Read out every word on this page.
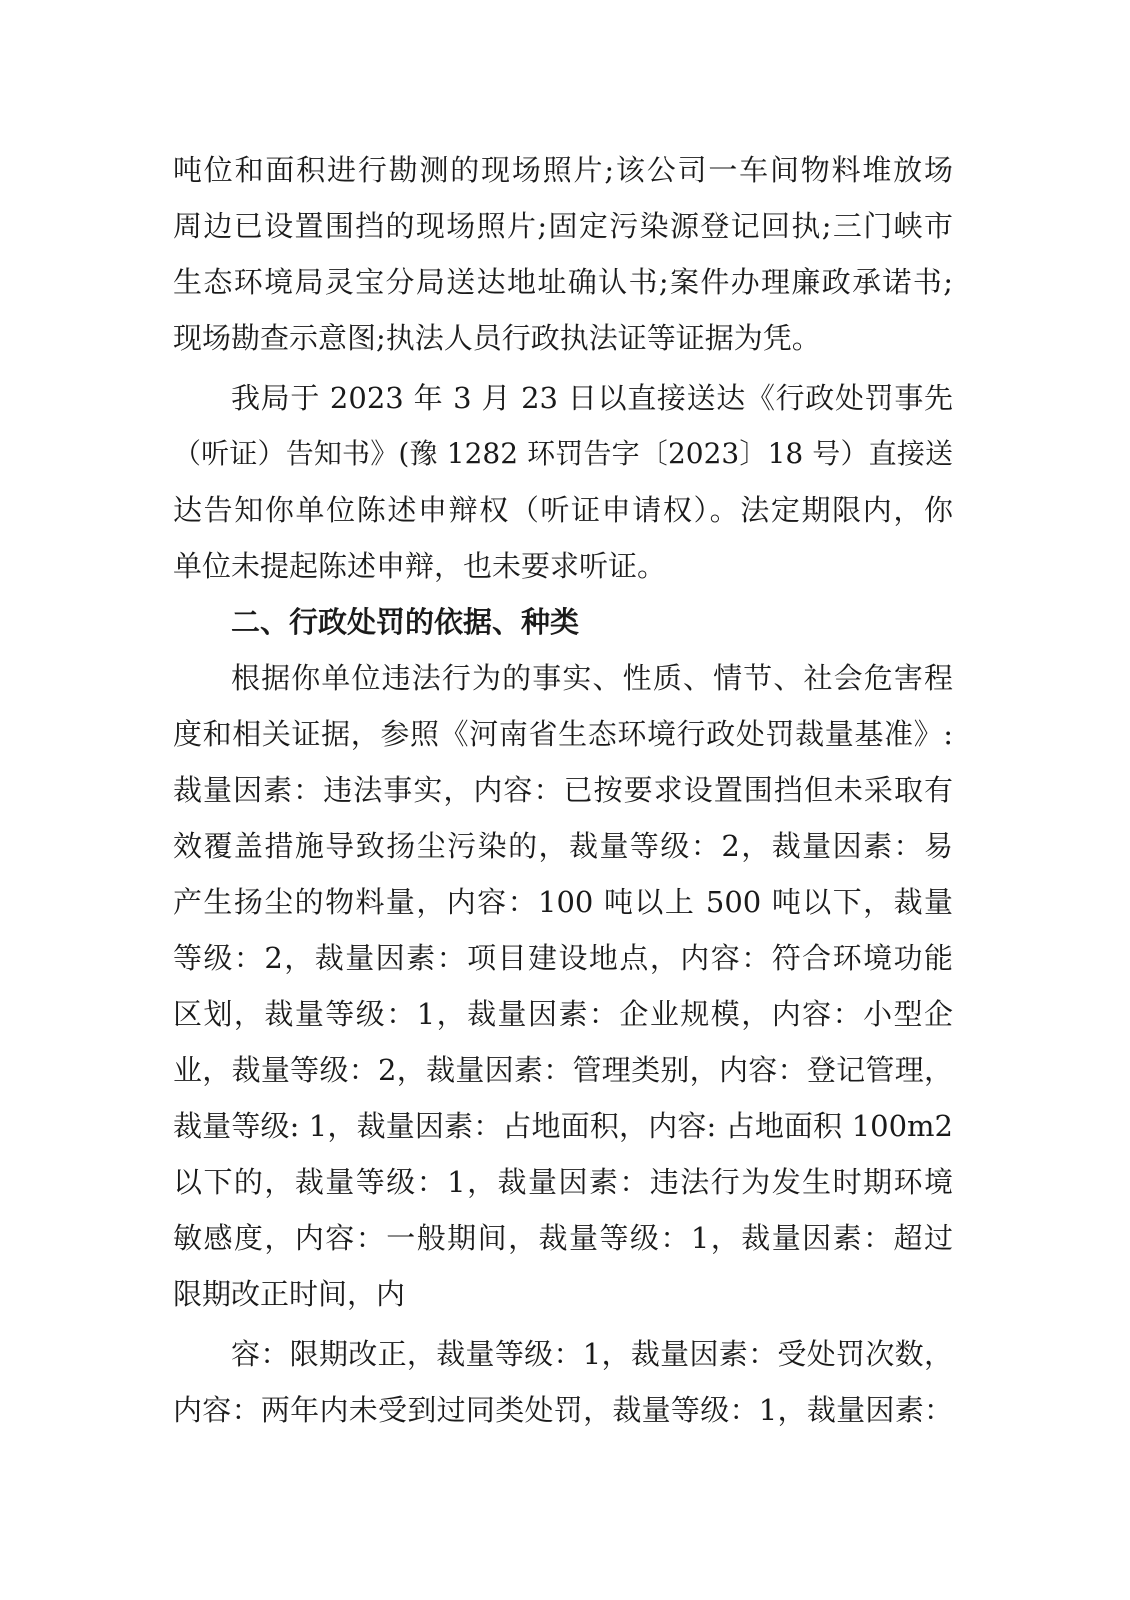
吨位和面积进行勘测的现场照片;该公司一车间物料堆放场
周边已设置围挡的现场照片;固定污染源登记回执;三门峡市
生态环境局灵宝分局送达地址确认书;案件办理廉政承诺书;
现场勘查示意图;执法人员行政执法证等证据为凭。
我局于 2023 年 3 月 23 日以直接送达《行政处罚事先
（听证）告知书》(豫 1282 环罚告字〔2023〕18 号）直接送
达告知你单位陈述申辩权（听证申请权）。法定期限内，你
单位未提起陈述申辩，也未要求听证。
二、行政处罚的依据、种类
根据你单位违法行为的事实、性质、情节、社会危害程
度和相关证据，参照《河南省生态环境行政处罚裁量基准》:
裁量因素：违法事实，内容：已按要求设置围挡但未采取有
效覆盖措施导致扬尘污染的，裁量等级：2，裁量因素：易
产生扬尘的物料量，内容：100 吨以上 500 吨以下，裁量
等级：2，裁量因素：项目建设地点，内容：符合环境功能
区划，裁量等级：1，裁量因素：企业规模，内容：小型企
业，裁量等级：2，裁量因素：管理类别，内容：登记管理，
裁量等级: 1，裁量因素：占地面积，内容: 占地面积 100m2
以下的，裁量等级：1，裁量因素：违法行为发生时期环境
敏感度，内容：一般期间，裁量等级：1，裁量因素：超过
限期改正时间，内
容：限期改正，裁量等级：1，裁量因素：受处罚次数，
内容：两年内未受到过同类处罚，裁量等级：1，裁量因素：
